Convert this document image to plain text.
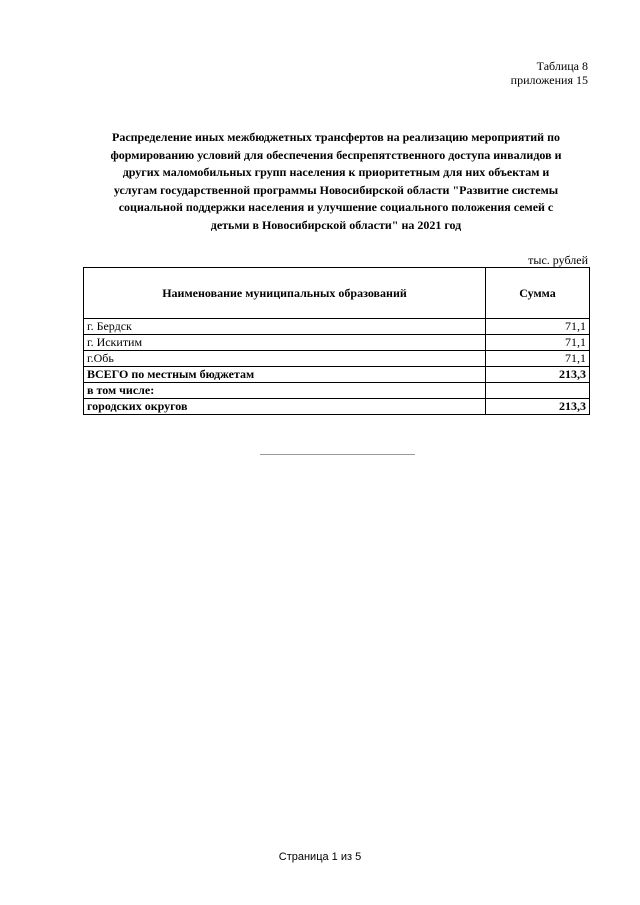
Таблица 8
приложения 15
Распределение иных межбюджетных трансфертов на реализацию мероприятий по
формированию условий для обеспечения беспрепятственного доступа инвалидов и
других маломобильных групп населения к приоритетным для них объектам и
услугам государственной программы Новосибирской области "Развитие системы
социальной поддержки населения и улучшение социального положения семей с
детьми в Новосибирской области" на 2021 год
тыс. рублей
Наименование муниципальных образований	Сумма
г. Бердск	71,1
г. Искитим	71,1
г.Обь	71,1
ВСЕГО по местным бюджетам	213,3
в том числе:	
городских округов	213,3
Страница 1 из 5
